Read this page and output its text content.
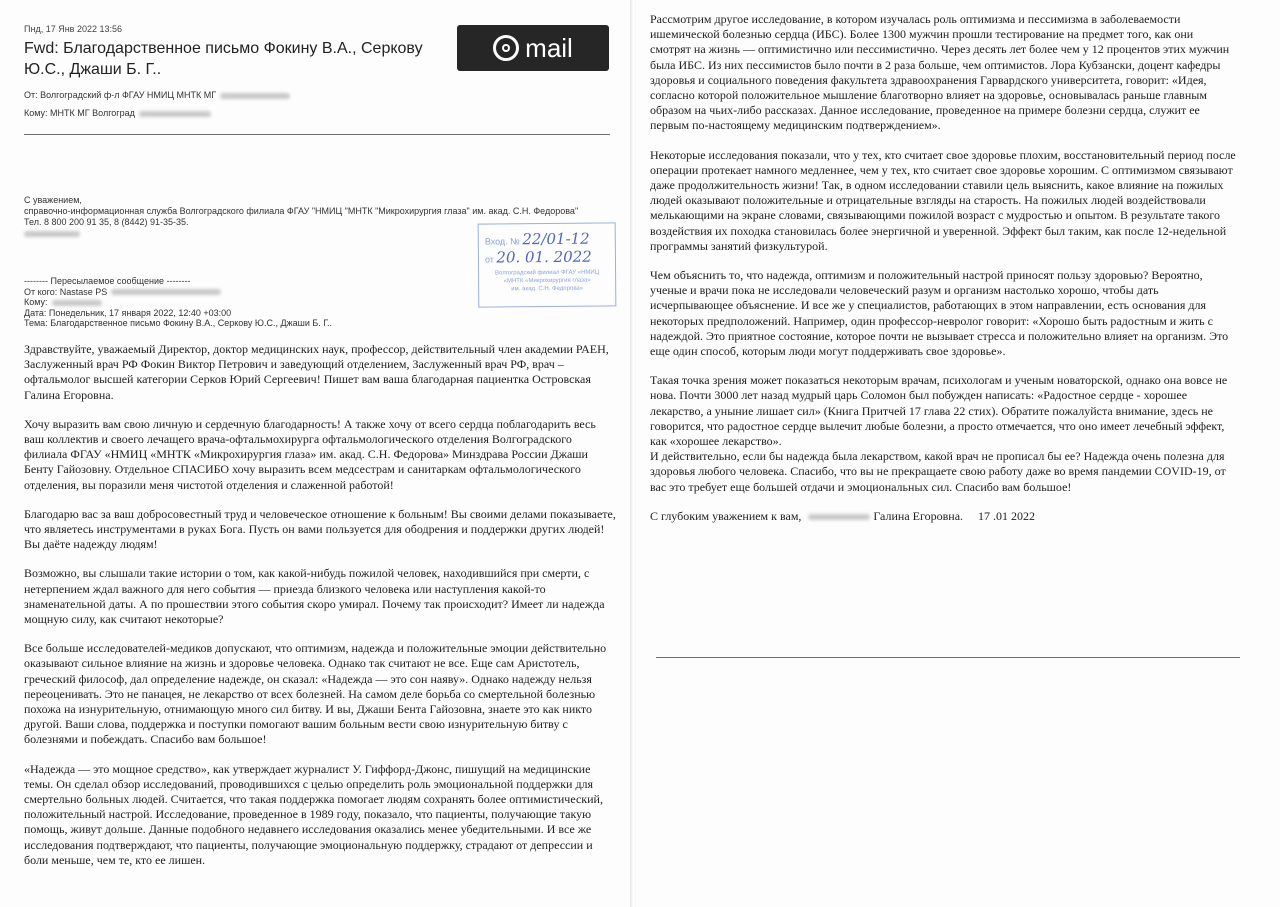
Пнд, 17 Янв 2022 13:56
Fwd: Благодарственное письмо Фокину В.А., Серкову Ю.С., Джаши Б. Г..
mail
От: Волгоградский ф-л ФГАУ НМИЦ МНТК МГ
Кому: МНТК МГ Волгоград
С уважением,
справочно-информационная служба Волгоградского филиала ФГАУ "НМИЦ "МНТК "Микрохирургия глаза" им. акад. С.Н. Федорова"
Тел. 8 800 200 91 35, 8 (8442) 91-35-35.
Вход. № 22/01-12
от 20. 01. 2022
Волгоградский филиал ФГАУ «НМИЦ
«МНТК «Микрохирургия глаза»
им. акад. С.Н. Федорова»
-------- Пересылаемое сообщение --------
От кого: Nastase PS
Кому:
Дата: Понедельник, 17 января 2022, 12:40 +03:00
Тема: Благодарственное письмо Фокину В.А., Серкову Ю.С., Джаши Б. Г..

Здравствуйте, уважаемый Директор, доктор медицинских наук, профессор, действительный член академии РАЕН, Заслуженный врач РФ Фокин Виктор Петрович и заведующий отделением, Заслуженный врач РФ, врач – офтальмолог высшей категории Серков Юрий Сергеевич! Пишет вам ваша благодарная пациентка Островская Галина Егоровна.

Хочу выразить вам свою личную и сердечную благодарность! А также хочу от всего сердца поблагодарить весь ваш коллектив и своего лечащего врача-офтальмохирурга офтальмологического отделения Волгоградского филиала ФГАУ «НМИЦ «МНТК «Микрохирургия глаза» им. акад. С.Н. Федорова» Минздрава России Джаши Бенту Гайозовну. Отдельное СПАСИБО хочу выразить всем медсестрам и санитаркам офтальмологического отделения, вы поразили меня чистотой отделения и слаженной работой!

Благодарю вас за ваш добросовестный труд и человеческое отношение к больным! Вы своими делами показываете, что являетесь инструментами в руках Бога. Пусть он вами пользуется для ободрения и поддержки других людей! Вы даёте надежду людям!

Возможно, вы слышали такие истории о том, как какой-нибудь пожилой человек, находившийся при смерти, с нетерпением ждал важного для него события — приезда близкого человека или наступления какой-то знаменательной даты. А по прошествии этого события скоро умирал. Почему так происходит? Имеет ли надежда мощную силу, как считают некоторые?

Все больше исследователей-медиков допускают, что оптимизм, надежда и положительные эмоции действительно оказывают сильное влияние на жизнь и здоровье человека. Однако так считают не все. Еще сам Аристотель, греческий философ, дал определение надежде, он сказал: «Надежда — это сон наяву». Однако надежду нельзя переоценивать. Это не панацея, не лекарство от всех болезней. На самом деле борьба со смертельной болезнью похожа на изнурительную, отнимающую много сил битву. И вы, Джаши Бента Гайозовна, знаете это как никто другой. Ваши слова, поддержка и поступки помогают вашим больным вести свою изнурительную битву с болезнями и побеждать. Спасибо вам большое!

«Надежда — это мощное средство», как утверждает журналист У. Гиффорд-Джонс, пишущий на медицинские темы. Он сделал обзор исследований, проводившихся с целью определить роль эмоциональной поддержки для смертельно больных людей. Считается, что такая поддержка помогает людям сохранять более оптимистический, положительный настрой. Исследование, проведенное в 1989 году, показало, что пациенты, получающие такую помощь, живут дольше. Данные подобного недавнего исследования оказались менее убедительными. И все же исследования подтверждают, что пациенты, получающие эмоциональную поддержку, страдают от депрессии и боли меньше, чем те, кто ее лишен.

Рассмотрим другое исследование, в котором изучалась роль оптимизма и пессимизма в заболеваемости ишемической болезнью сердца (ИБС). Более 1300 мужчин прошли тестирование на предмет того, как они смотрят на жизнь — оптимистично или пессимистично. Через десять лет более чем у 12 процентов этих мужчин была ИБС. Из них пессимистов было почти в 2 раза больше, чем оптимистов. Лора Кубзански, доцент кафедры здоровья и социального поведения факультета здравоохранения Гарвардского университета, говорит: «Идея, согласно которой положительное мышление благотворно влияет на здоровье, основывалась раньше главным образом на чьих-либо рассказах. Данное исследование, проведенное на примере болезни сердца, служит ее первым по-настоящему медицинским подтверждением».

Некоторые исследования показали, что у тех, кто считает свое здоровье плохим, восстановительный период после операции протекает намного медленнее, чем у тех, кто считает свое здоровье хорошим. С оптимизмом связывают даже продолжительность жизни! Так, в одном исследовании ставили цель выяснить, какое влияние на пожилых людей оказывают положительные и отрицательные взгляды на старость. На пожилых людей воздействовали мелькающими на экране словами, связывающими пожилой возраст с мудростью и опытом. В результате такого воздействия их походка становилась более энергичной и уверенной. Эффект был таким, как после 12-недельной программы занятий физкультурой.

Чем объяснить то, что надежда, оптимизм и положительный настрой приносят пользу здоровью? Вероятно, ученые и врачи пока не исследовали человеческий разум и организм настолько хорошо, чтобы дать исчерпывающее объяснение. И все же у специалистов, работающих в этом направлении, есть основания для некоторых предположений. Например, один профессор-невролог говорит: «Хорошо быть радостным и жить с надеждой. Это приятное состояние, которое почти не вызывает стресса и положительно влияет на организм. Это еще один способ, которым люди могут поддерживать свое здоровье».

Такая точка зрения может показаться некоторым врачам, психологам и ученым новаторской, однако она вовсе не нова. Почти 3000 лет назад мудрый царь Соломон был побужден написать: «Радостное сердце - хорошее лекарство, а уныние лишает сил» (Книга Притчей 17 глава 22 стих). Обратите пожалуйста внимание, здесь не говорится, что радостное сердце вылечит любые болезни, а просто отмечается, что оно имеет лечебный эффект, как «хорошее лекарство».

И действительно, если бы надежда была лекарством, какой врач не прописал бы ее? Надежда очень полезна для здоровья любого человека. Спасибо, что вы не прекращаете свою работу даже во время пандемии COVID-19, от вас это требует еще большей отдачи и эмоциональных сил. Спасибо вам большое!

С глубоким уважением к вам,	Галина Егоровна. 17 .01 2022
